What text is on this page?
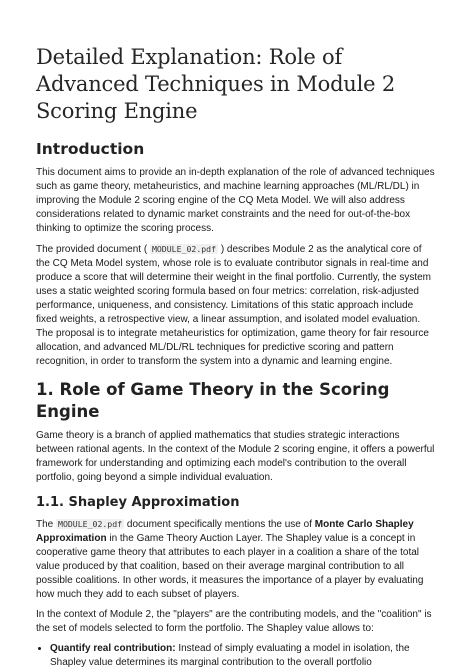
Detailed Explanation: Role of Advanced Techniques in Module 2 Scoring Engine
Introduction

This document aims to provide an in-depth explanation of the role of advanced techniques such as game theory, metaheuristics, and machine learning approaches (ML/RL/DL) in improving the Module 2 scoring engine of the CQ Meta Model. We will also address considerations related to dynamic market constraints and the need for out-of-the-box thinking to optimize the scoring process.

The provided document ( MODULE_02.pdf ) describes Module 2 as the analytical core of the CQ Meta Model system, whose role is to evaluate contributor signals in real-time and produce a score that will determine their weight in the final portfolio. Currently, the system uses a static weighted scoring formula based on four metrics: correlation, risk-adjusted performance, uniqueness, and consistency. Limitations of this static approach include fixed weights, a retrospective view, a linear assumption, and isolated model evaluation. The proposal is to integrate metaheuristics for optimization, game theory for fair resource allocation, and advanced ML/DL/RL techniques for predictive scoring and pattern recognition, in order to transform the system into a dynamic and learning engine.

1. Role of Game Theory in the Scoring Engine

Game theory is a branch of applied mathematics that studies strategic interactions between rational agents. In the context of the Module 2 scoring engine, it offers a powerful framework for understanding and optimizing each model's contribution to the overall portfolio, going beyond a simple individual evaluation.

1.1. Shapley Approximation

The MODULE_02.pdf document specifically mentions the use of Monte Carlo Shapley Approximation in the Game Theory Auction Layer. The Shapley value is a concept in cooperative game theory that attributes to each player in a coalition a share of the total value produced by that coalition, based on their average marginal contribution to all possible coalitions. In other words, it measures the importance of a player by evaluating how much they add to each subset of players.

In the context of Module 2, the "players" are the contributing models, and the "coalition" is the set of models selected to form the portfolio. The Shapley value allows to:

• Quantify real contribution: Instead of simply evaluating a model in isolation, the Shapley value determines its marginal contribution to the overall portfolio
